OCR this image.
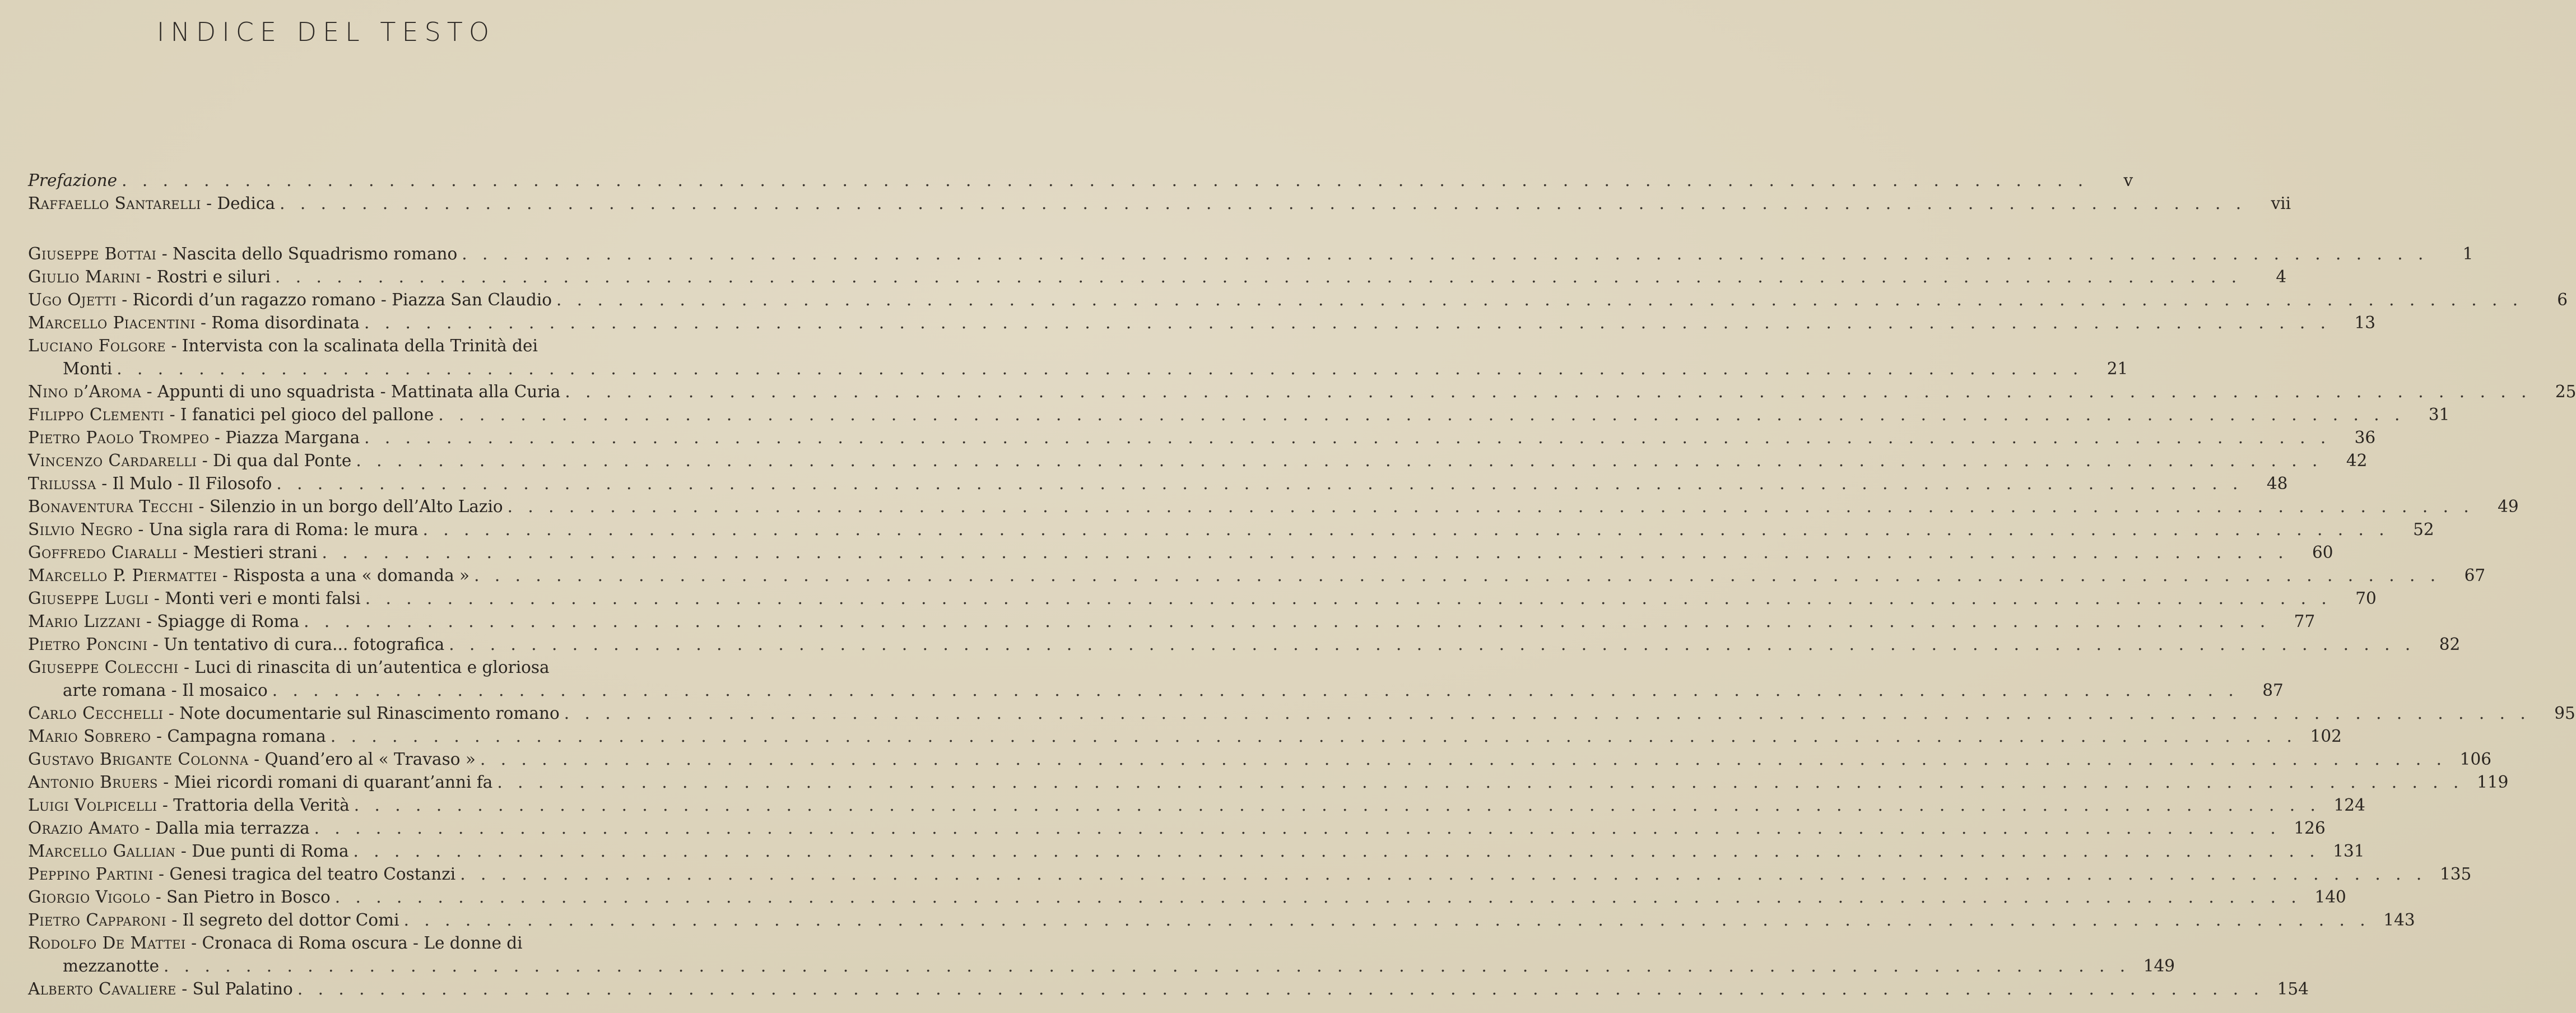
INDICE DEL TESTO
Prefazione . . . . . . . . . . . . . . . . . . . . . . . . . . . . . . . . . . . . . . . . . . . . . . . . . . . . . . . . . . . . . . . . . . . . . . . . . . . . . . . . . . . . . . . . . . . . . . . .	v
Raffaello Santarelli - Dedica . . . . . . . . . . . . . . . . . . . . . . . . . . . . . . . . . . . . . . . . . . . . . . . . . . . . . . . . . . . . . . . . . . . . . . . . . . . . . . . . . . . . . . . . . . . . . . . .	vii
Giuseppe Bottai - Nascita dello Squadrismo romano . . . . . . . . . . . . . . . . . . . . . . . . . . . . . . . . . . . . . . . . . . . . . . . . . . . . . . . . . . . . . . . . . . . . . . . . . . . . . . . . . . . . . . . . . . . . . . . .	1
Giulio Marini - Rostri e siluri . . . . . . . . . . . . . . . . . . . . . . . . . . . . . . . . . . . . . . . . . . . . . . . . . . . . . . . . . . . . . . . . . . . . . . . . . . . . . . . . . . . . . . . . . . . . . . . .	4
Ugo Ojetti - Ricordi d’un ragazzo romano - Piazza San Claudio . . . . . . . . . . . . . . . . . . . . . . . . . . . . . . . . . . . . . . . . . . . . . . . . . . . . . . . . . . . . . . . . . . . . . . . . . . . . . . . . . . . . . . . . . . . . . . . .	6
Marcello Piacentini - Roma disordinata . . . . . . . . . . . . . . . . . . . . . . . . . . . . . . . . . . . . . . . . . . . . . . . . . . . . . . . . . . . . . . . . . . . . . . . . . . . . . . . . . . . . . . . . . . . . . . . .	13
Luciano Folgore - Intervista con la scalinata della Trinità dei
Monti . . . . . . . . . . . . . . . . . . . . . . . . . . . . . . . . . . . . . . . . . . . . . . . . . . . . . . . . . . . . . . . . . . . . . . . . . . . . . . . . . . . . . . . . . . . . . . . .	21
Nino d’Aroma - Appunti di uno squadrista - Mattinata alla Curia . . . . . . . . . . . . . . . . . . . . . . . . . . . . . . . . . . . . . . . . . . . . . . . . . . . . . . . . . . . . . . . . . . . . . . . . . . . . . . . . . . . . . . . . . . . . . . . .	25
Filippo Clementi - I fanatici pel gioco del pallone . . . . . . . . . . . . . . . . . . . . . . . . . . . . . . . . . . . . . . . . . . . . . . . . . . . . . . . . . . . . . . . . . . . . . . . . . . . . . . . . . . . . . . . . . . . . . . . .	31
Pietro Paolo Trompeo - Piazza Margana . . . . . . . . . . . . . . . . . . . . . . . . . . . . . . . . . . . . . . . . . . . . . . . . . . . . . . . . . . . . . . . . . . . . . . . . . . . . . . . . . . . . . . . . . . . . . . . .	36
Vincenzo Cardarelli - Di qua dal Ponte . . . . . . . . . . . . . . . . . . . . . . . . . . . . . . . . . . . . . . . . . . . . . . . . . . . . . . . . . . . . . . . . . . . . . . . . . . . . . . . . . . . . . . . . . . . . . . . .	42
Trilussa - Il Mulo - Il Filosofo . . . . . . . . . . . . . . . . . . . . . . . . . . . . . . . . . . . . . . . . . . . . . . . . . . . . . . . . . . . . . . . . . . . . . . . . . . . . . . . . . . . . . . . . . . . . . . . .	48
Bonaventura Tecchi - Silenzio in un borgo dell’Alto Lazio . . . . . . . . . . . . . . . . . . . . . . . . . . . . . . . . . . . . . . . . . . . . . . . . . . . . . . . . . . . . . . . . . . . . . . . . . . . . . . . . . . . . . . . . . . . . . . . .	49
Silvio Negro - Una sigla rara di Roma: le mura . . . . . . . . . . . . . . . . . . . . . . . . . . . . . . . . . . . . . . . . . . . . . . . . . . . . . . . . . . . . . . . . . . . . . . . . . . . . . . . . . . . . . . . . . . . . . . . .	52
Goffredo Ciaralli - Mestieri strani . . . . . . . . . . . . . . . . . . . . . . . . . . . . . . . . . . . . . . . . . . . . . . . . . . . . . . . . . . . . . . . . . . . . . . . . . . . . . . . . . . . . . . . . . . . . . . . .	60
Marcello P. Piermattei - Risposta a una « domanda » . . . . . . . . . . . . . . . . . . . . . . . . . . . . . . . . . . . . . . . . . . . . . . . . . . . . . . . . . . . . . . . . . . . . . . . . . . . . . . . . . . . . . . . . . . . . . . . .	67
Giuseppe Lugli - Monti veri e monti falsi . . . . . . . . . . . . . . . . . . . . . . . . . . . . . . . . . . . . . . . . . . . . . . . . . . . . . . . . . . . . . . . . . . . . . . . . . . . . . . . . . . . . . . . . . . . . . . . .	70
Mario Lizzani - Spiagge di Roma . . . . . . . . . . . . . . . . . . . . . . . . . . . . . . . . . . . . . . . . . . . . . . . . . . . . . . . . . . . . . . . . . . . . . . . . . . . . . . . . . . . . . . . . . . . . . . . .	77
Pietro Poncini - Un tentativo di cura... fotografica . . . . . . . . . . . . . . . . . . . . . . . . . . . . . . . . . . . . . . . . . . . . . . . . . . . . . . . . . . . . . . . . . . . . . . . . . . . . . . . . . . . . . . . . . . . . . . . .	82
Giuseppe Colecchi - Luci di rinascita di un’autentica e gloriosa
arte romana - Il mosaico . . . . . . . . . . . . . . . . . . . . . . . . . . . . . . . . . . . . . . . . . . . . . . . . . . . . . . . . . . . . . . . . . . . . . . . . . . . . . . . . . . . . . . . . . . . . . . . .	87
Carlo Cecchelli - Note documentarie sul Rinascimento romano . . . . . . . . . . . . . . . . . . . . . . . . . . . . . . . . . . . . . . . . . . . . . . . . . . . . . . . . . . . . . . . . . . . . . . . . . . . . . . . . . . . . . . . . . . . . . . . .	95
Mario Sobrero - Campagna romana . . . . . . . . . . . . . . . . . . . . . . . . . . . . . . . . . . . . . . . . . . . . . . . . . . . . . . . . . . . . . . . . . . . . . . . . . . . . . . . . . . . . . . . . . . . . . . . . 102
Gustavo Brigante Colonna - Quand’ero al « Travaso » . . . . . . . . . . . . . . . . . . . . . . . . . . . . . . . . . . . . . . . . . . . . . . . . . . . . . . . . . . . . . . . . . . . . . . . . . . . . . . . . . . . . . . . . . . . . . . . . 106
Antonio Bruers - Miei ricordi romani di quarant’anni fa . . . . . . . . . . . . . . . . . . . . . . . . . . . . . . . . . . . . . . . . . . . . . . . . . . . . . . . . . . . . . . . . . . . . . . . . . . . . . . . . . . . . . . . . . . . . . . . . 119
Luigi Volpicelli - Trattoria della Verità . . . . . . . . . . . . . . . . . . . . . . . . . . . . . . . . . . . . . . . . . . . . . . . . . . . . . . . . . . . . . . . . . . . . . . . . . . . . . . . . . . . . . . . . . . . . . . . . 124
Orazio Amato - Dalla mia terrazza . . . . . . . . . . . . . . . . . . . . . . . . . . . . . . . . . . . . . . . . . . . . . . . . . . . . . . . . . . . . . . . . . . . . . . . . . . . . . . . . . . . . . . . . . . . . . . . . 126
Marcello Gallian - Due punti di Roma . . . . . . . . . . . . . . . . . . . . . . . . . . . . . . . . . . . . . . . . . . . . . . . . . . . . . . . . . . . . . . . . . . . . . . . . . . . . . . . . . . . . . . . . . . . . . . . . 131
Peppino Partini - Genesi tragica del teatro Costanzi . . . . . . . . . . . . . . . . . . . . . . . . . . . . . . . . . . . . . . . . . . . . . . . . . . . . . . . . . . . . . . . . . . . . . . . . . . . . . . . . . . . . . . . . . . . . . . . . 135
Giorgio Vigolo - San Pietro in Bosco . . . . . . . . . . . . . . . . . . . . . . . . . . . . . . . . . . . . . . . . . . . . . . . . . . . . . . . . . . . . . . . . . . . . . . . . . . . . . . . . . . . . . . . . . . . . . . . . 140
Pietro Capparoni - Il segreto del dottor Comi . . . . . . . . . . . . . . . . . . . . . . . . . . . . . . . . . . . . . . . . . . . . . . . . . . . . . . . . . . . . . . . . . . . . . . . . . . . . . . . . . . . . . . . . . . . . . . . . 143
Rodolfo De Mattei - Cronaca di Roma oscura - Le donne di
mezzanotte . . . . . . . . . . . . . . . . . . . . . . . . . . . . . . . . . . . . . . . . . . . . . . . . . . . . . . . . . . . . . . . . . . . . . . . . . . . . . . . . . . . . . . . . . . . . . . . . 149
Alberto Cavaliere - Sul Palatino . . . . . . . . . . . . . . . . . . . . . . . . . . . . . . . . . . . . . . . . . . . . . . . . . . . . . . . . . . . . . . . . . . . . . . . . . . . . . . . . . . . . . . . . . . . . . . . . 154
